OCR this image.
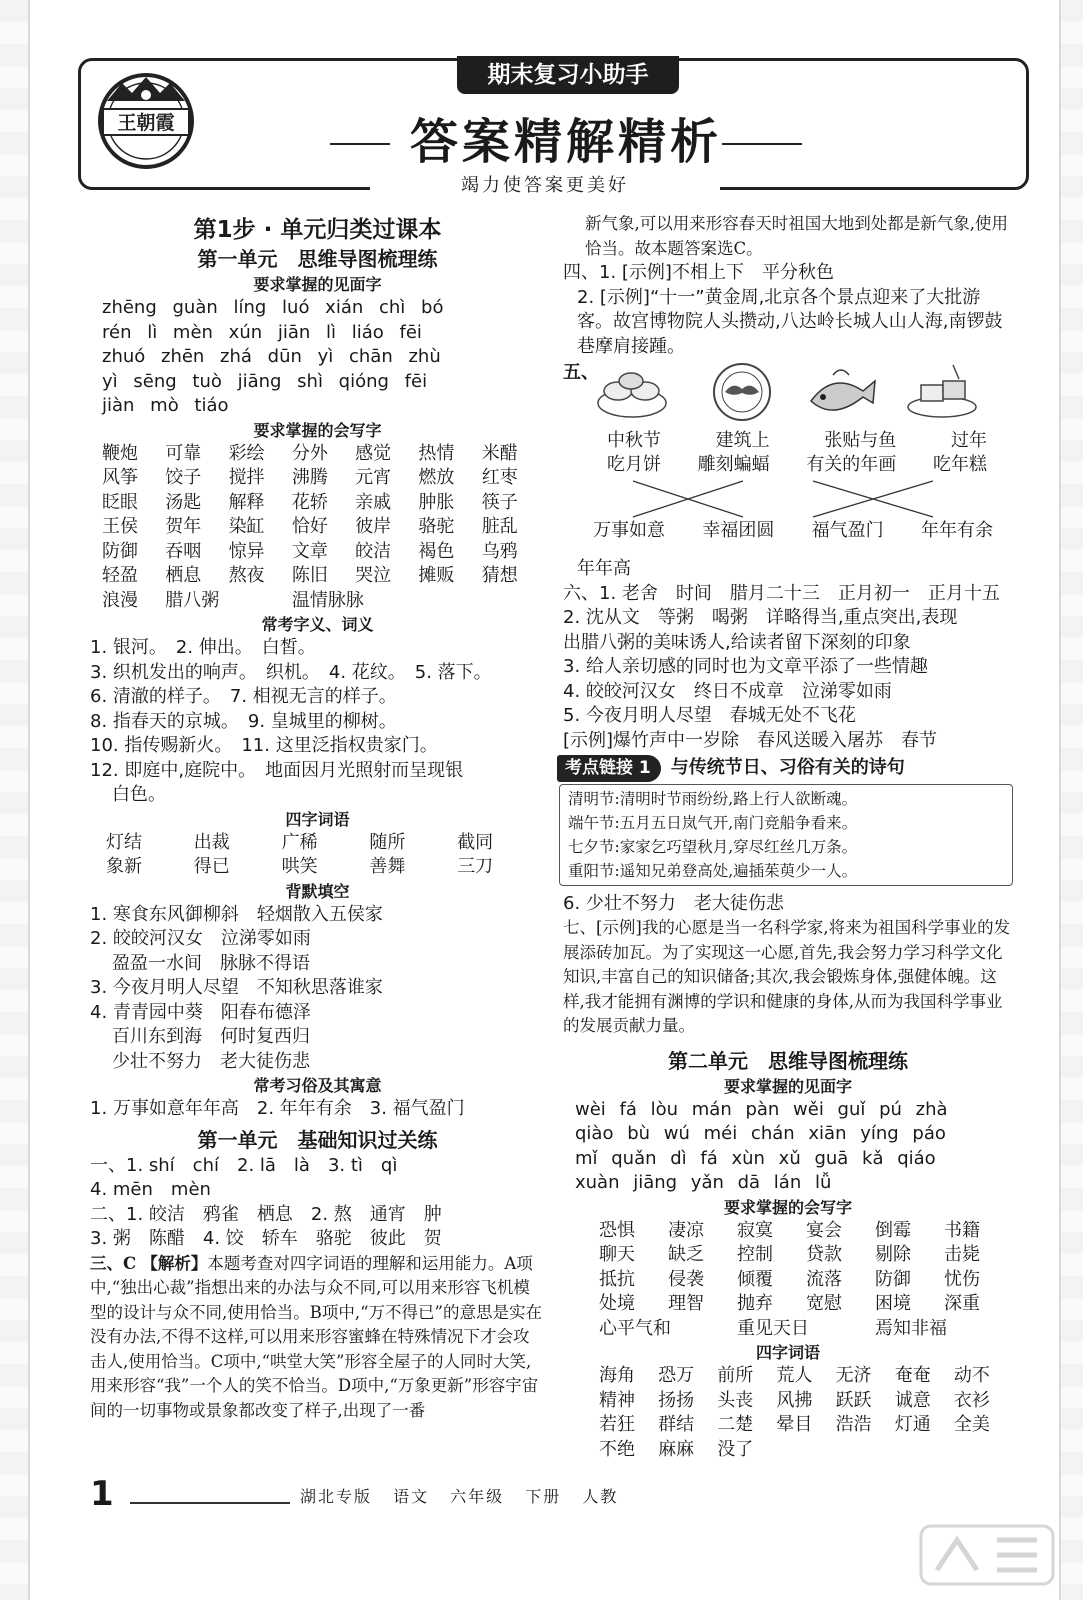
王朝霞
期末复习小助手
答案精解精析
竭力使答案更美好
第1步 · 单元归类过课本
第一单元　思维导图梳理练
要求掌握的见面字
zhēng guàn líng luó xián chì bó
rén lì mèn xún jiān lì liáo fēi
zhuó zhēn zhá dūn yì chān zhù
yì sēng tuò jiāng shì qióng fēi
jiàn mò tiáo
要求掌握的会写字
鞭炮	可靠	彩绘	分外	感觉	热情	米醋
风筝	饺子	搅拌	沸腾	元宵	燃放	红枣
眨眼	汤匙	解释	花轿	亲戚	肿胀	筷子
王侯	贺年	染缸	恰好	彼岸	骆驼	脏乱
防御	吞咽	惊异	文章	皎洁	褐色	乌鸦
轻盈	栖息	熬夜	陈旧	哭泣	摊贩	猜想
浪漫	腊八粥	温情脉脉
常考字义、词义
1. 银河。　2. 伸出。　白皙。
3. 织机发出的响声。　织机。　4. 花纹。　5. 落下。
6. 清澈的样子。　7. 相视无言的样子。
8. 指春天的京城。　9. 皇城里的柳树。
10. 指传赐新火。　11. 这里泛指权贵家门。
12. 即庭中,庭院中。　地面因月光照射而呈现银
白色。
四字词语
灯结	出裁	广稀	随所	截同
象新	得已	哄笑	善舞	三刀
背默填空
1. 寒食东风御柳斜　轻烟散入五侯家
2. 皎皎河汉女　泣涕零如雨
盈盈一水间　脉脉不得语
3. 今夜月明人尽望　不知秋思落谁家
4. 青青园中葵　阳春布德泽
百川东到海　何时复西归
少壮不努力　老大徒伤悲
常考习俗及其寓意
1. 万事如意年年高　2. 年年有余　3. 福气盈门
第一单元　基础知识过关练
一、1. shí　chí　2. lā　là　3. tì　qì
4. mēn　mèn
二、1. 皎洁　鸦雀　栖息　2. 熬　通宵　肿
3. 粥　陈醋　4. 饺　轿车　骆驼　彼此　贺
三、C 【解析】本题考查对四字词语的理解和运用能力。A项中,“独出心裁”指想出来的办法与众不同,可以用来形容飞机模型的设计与众不同,使用恰当。B项中,“万不得已”的意思是实在没有办法,不得不这样,可以用来形容蜜蜂在特殊情况下才会攻击人,使用恰当。C项中,“哄堂大笑”形容全屋子的人同时大笑,用来形容“我”一个人的笑不恰当。D项中,“万象更新”形容宇宙间的一切事物或景象都改变了样子,出现了一番
新气象,可以用来形容春天时祖国大地到处都是新气象,使用恰当。故本题答案选C。
四、1. [示例]不相上下　平分秋色
2. [示例]“十一”黄金周,北京各个景点迎来了大批游客。故宫博物院人头攒动,八达岭长城人山人海,南锣鼓巷摩肩接踵。
五、
中秋节	建筑上	张贴与鱼	过年
吃月饼 雕刻蝙蝠 有关的年画 吃年糕
万事如意 幸福团圆 福气盈门 年年有余
年年高
六、1. 老舍　时间　腊月二十三　正月初一　正月十五
2. 沈从文　等粥　喝粥　详略得当,重点突出,表现
出腊八粥的美味诱人,给读者留下深刻的印象
3. 给人亲切感的同时也为文章平添了一些情趣
4. 皎皎河汉女　终日不成章　泣涕零如雨
5. 今夜月明人尽望　春城无处不飞花
[示例]爆竹声中一岁除　春风送暖入屠苏　春节
考点链接 1	与传统节日、习俗有关的诗句
清明节:清明时节雨纷纷,路上行人欲断魂。
端午节:五月五日岚气开,南门竞船争看来。
七夕节:家家乞巧望秋月,穿尽红丝几万条。
重阳节:遥知兄弟登高处,遍插茱萸少一人。
6. 少壮不努力　老大徒伤悲
七、[示例]我的心愿是当一名科学家,将来为祖国科学事业的发展添砖加瓦。为了实现这一心愿,首先,我会努力学习科学文化知识,丰富自己的知识储备;其次,我会锻炼身体,强健体魄。这样,我才能拥有渊博的学识和健康的身体,从而为我国科学事业的发展贡献力量。
第二单元　思维导图梳理练
要求掌握的见面字
wèi fá lòu mán pàn wěi guǐ pú zhà
qiào bù wú méi chán xiān yíng páo
mǐ quǎn dì fá xùn xǔ guā kǎ qiáo
xuàn jiāng yǎn dā lán lǚ
要求掌握的会写字
恐惧	凄凉	寂寞	宴会	倒霉	书籍
聊天	缺乏	控制	贷款	剔除	击毙
抵抗	侵袭	倾覆	流落	防御	忧伤
处境	理智	抛弃	宽慰	困境	深重
心平气和	重见天日	焉知非福
四字词语
海角	恐万	前所	荒人	无济	奄奄	动不
精神	扬扬	头丧	风拂	跃跃	诚意	衣衫
若狂	群结	二楚	晕目	浩浩	灯通	全美
不绝	麻麻	没了
1	湖北专版 语文 六年级 下册 人教
